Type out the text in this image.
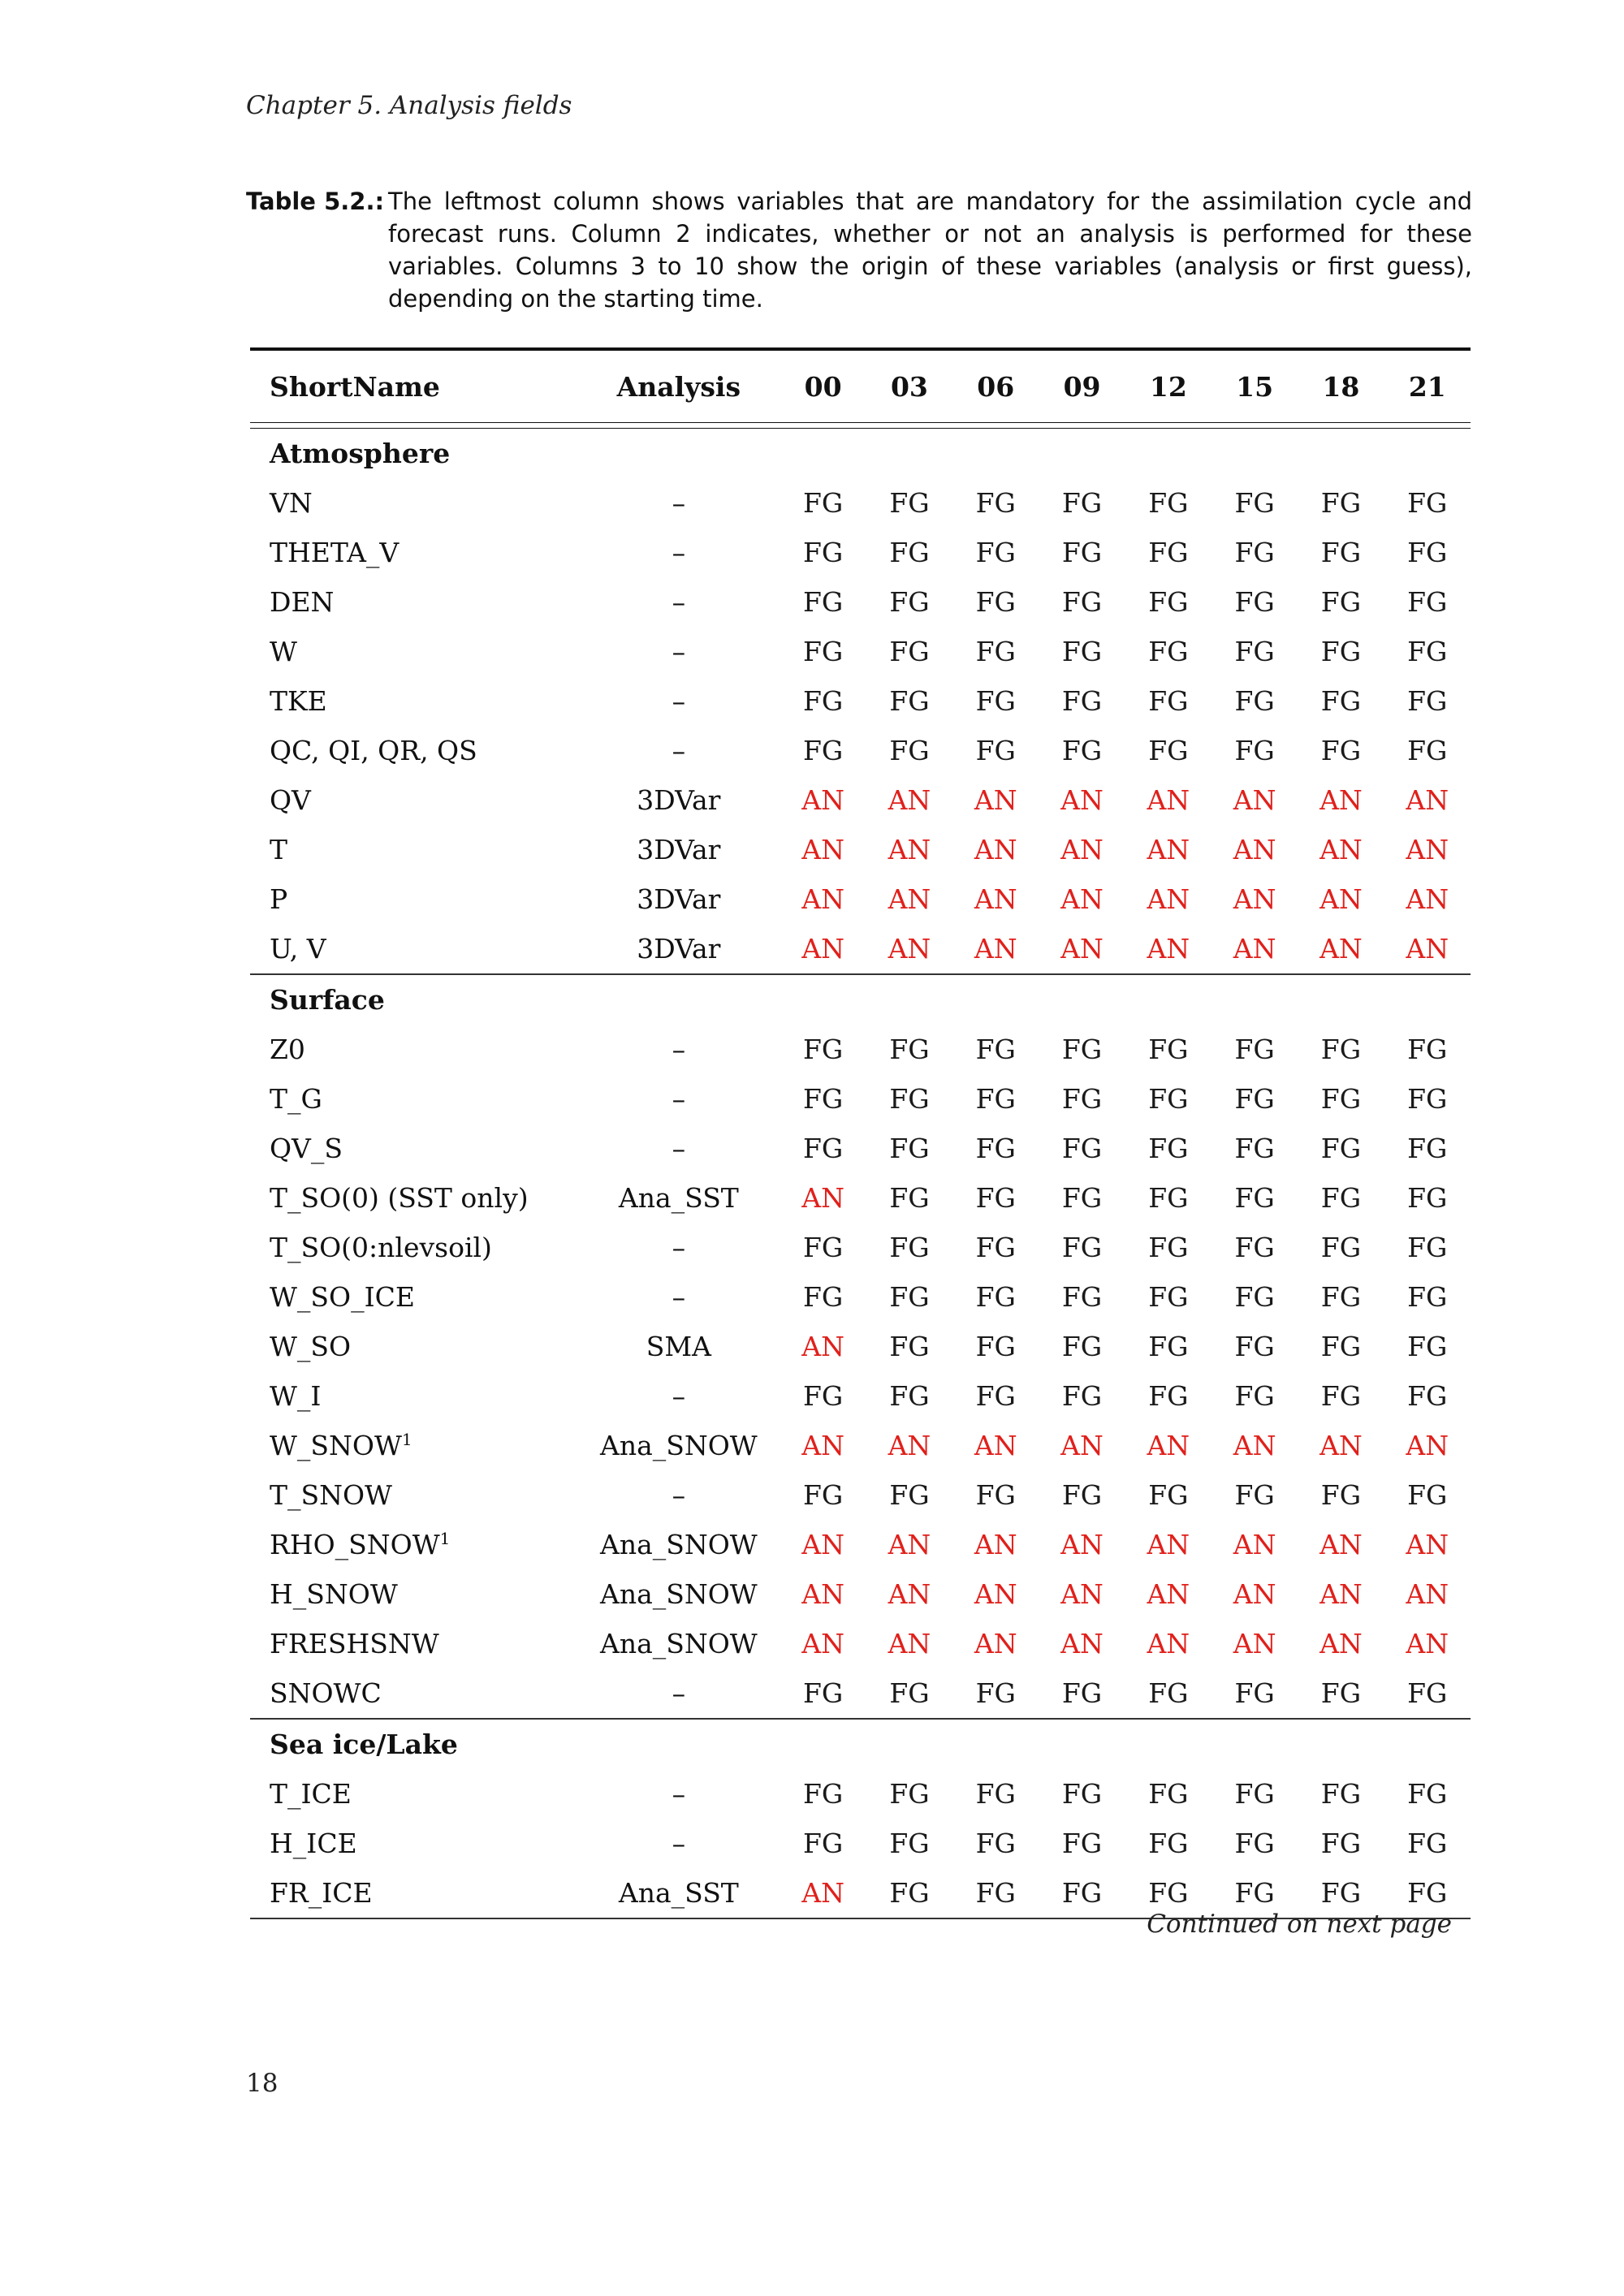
Chapter 5. Analysis fields
Table 5.2.: The leftmost column shows variables that are mandatory for the assimilation cycle and forecast runs. Column 2 indicates, whether or not an analysis is performed for these variables. Columns 3 to 10 show the origin of these variables (analysis or first guess), depending on the starting time.
ShortName	Analysis	00	03	06	09	12	15	18	21

Atmosphere									
VN	–	FG	FG	FG	FG	FG	FG	FG	FG
THETA_V	–	FG	FG	FG	FG	FG	FG	FG	FG
DEN	–	FG	FG	FG	FG	FG	FG	FG	FG
W	–	FG	FG	FG	FG	FG	FG	FG	FG
TKE	–	FG	FG	FG	FG	FG	FG	FG	FG
QC, QI, QR, QS	–	FG	FG	FG	FG	FG	FG	FG	FG
QV	3DVar	AN	AN	AN	AN	AN	AN	AN	AN
T	3DVar	AN	AN	AN	AN	AN	AN	AN	AN
P	3DVar	AN	AN	AN	AN	AN	AN	AN	AN
U, V	3DVar	AN	AN	AN	AN	AN	AN	AN	AN
Surface									
Z0	–	FG	FG	FG	FG	FG	FG	FG	FG
T_G	–	FG	FG	FG	FG	FG	FG	FG	FG
QV_S	–	FG	FG	FG	FG	FG	FG	FG	FG
T_SO(0) (SST only)	Ana_SST	AN	FG	FG	FG	FG	FG	FG	FG
T_SO(0:nlevsoil)	–	FG	FG	FG	FG	FG	FG	FG	FG
W_SO_ICE	–	FG	FG	FG	FG	FG	FG	FG	FG
W_SO	SMA	AN	FG	FG	FG	FG	FG	FG	FG
W_I	–	FG	FG	FG	FG	FG	FG	FG	FG
W_SNOW$^1$	Ana_SNOW	AN	AN	AN	AN	AN	AN	AN	AN
T_SNOW	–	FG	FG	FG	FG	FG	FG	FG	FG
RHO_SNOW$^1$	Ana_SNOW	AN	AN	AN	AN	AN	AN	AN	AN
H_SNOW	Ana_SNOW	AN	AN	AN	AN	AN	AN	AN	AN
FRESHSNW	Ana_SNOW	AN	AN	AN	AN	AN	AN	AN	AN
SNOWC	–	FG	FG	FG	FG	FG	FG	FG	FG
Sea ice/Lake									
T_ICE	–	FG	FG	FG	FG	FG	FG	FG	FG
H_ICE	–	FG	FG	FG	FG	FG	FG	FG	FG
FR_ICE	Ana_SST	AN	FG	FG	FG	FG	FG	FG	FG
Continued on next page
18
